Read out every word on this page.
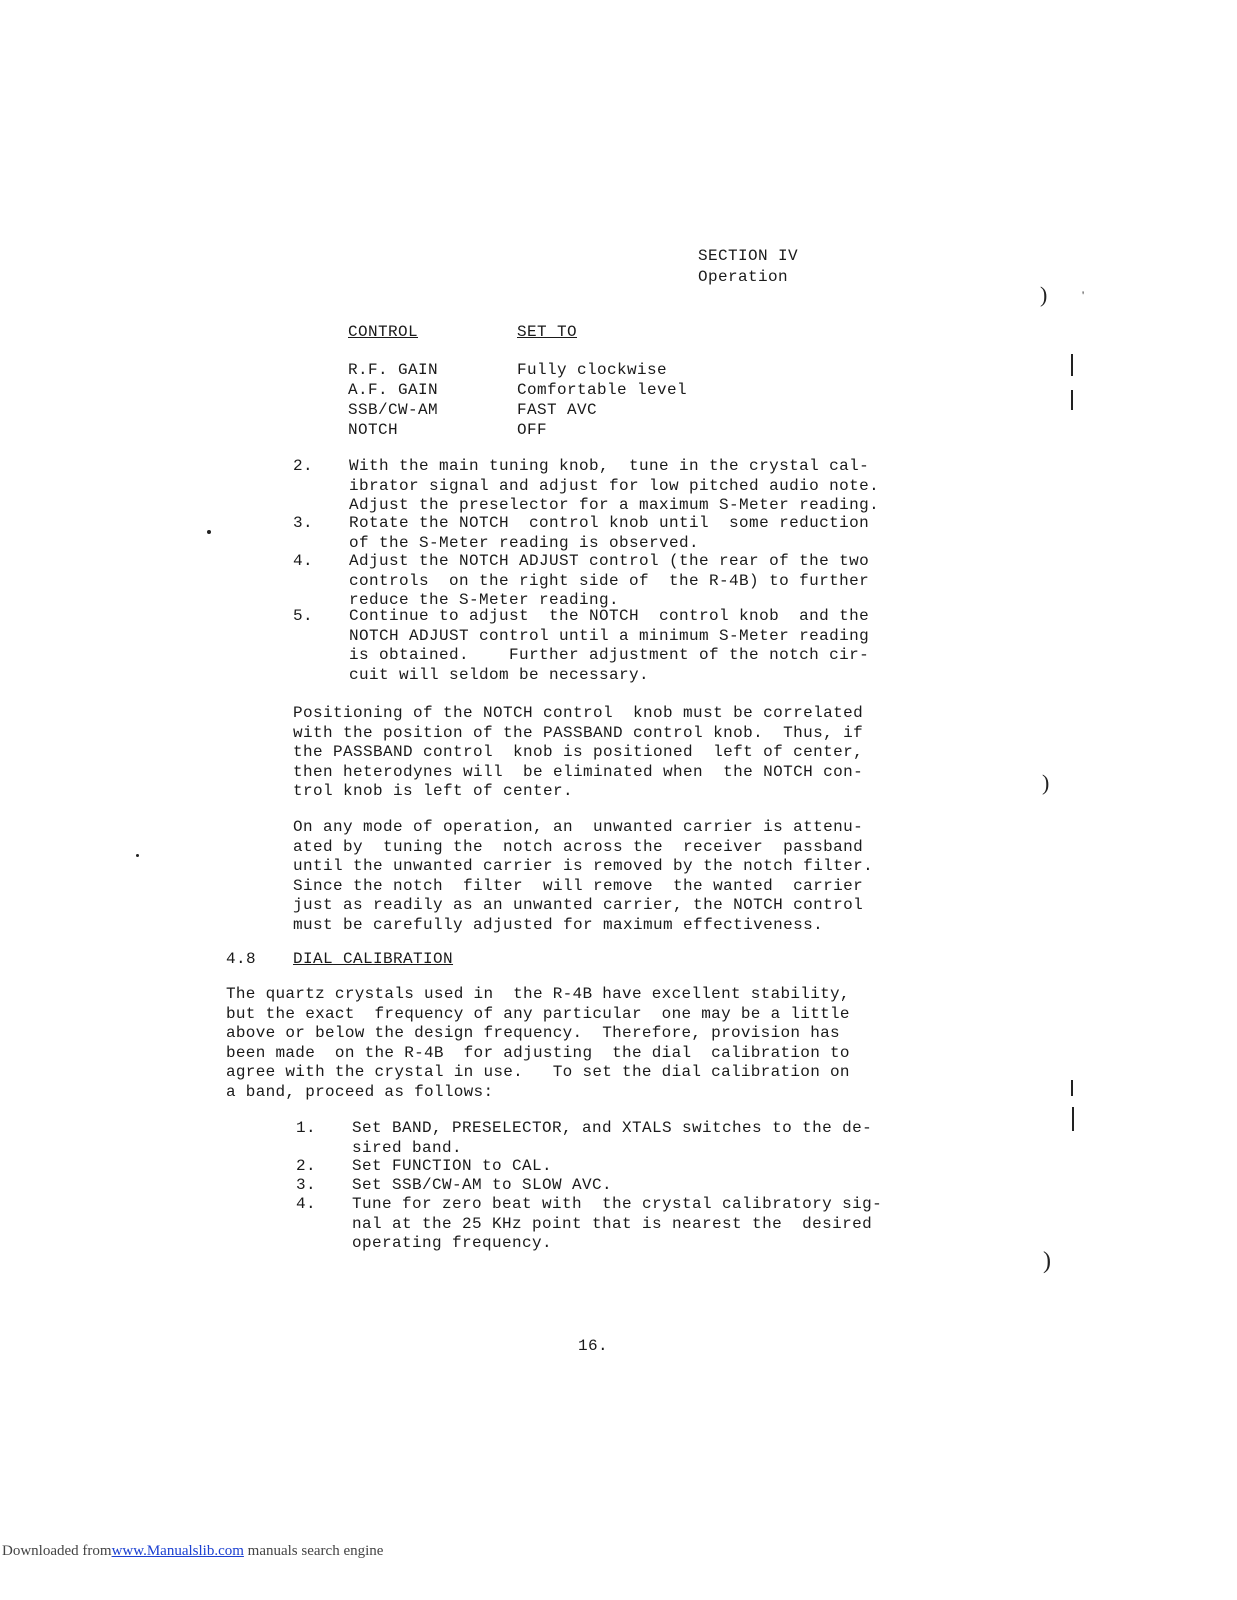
SECTION IV
Operation
CONTROL	SET TO
R.F. GAIN	Fully clockwise
A.F. GAIN	Comfortable level
SSB/CW-AM	FAST AVC
NOTCH	OFF
2. With the main tuning knob,  tune in the crystal cal-
ibrator signal and adjust for low pitched audio note.
Adjust the preselector for a maximum S-Meter reading.
3. Rotate the NOTCH  control knob until  some reduction
of the S-Meter reading is observed.
4. Adjust the NOTCH ADJUST control (the rear of the two
controls  on the right side of  the R-4B) to further
reduce the S-Meter reading.
5. Continue to adjust  the NOTCH  control knob  and the
NOTCH ADJUST control until a minimum S-Meter reading
is obtained.    Further adjustment of the notch cir-
cuit will seldom be necessary.
Positioning of the NOTCH control  knob must be correlated
with the position of the PASSBAND control knob.  Thus, if
the PASSBAND control  knob is positioned  left of center,
then heterodynes will  be eliminated when  the NOTCH con-
trol knob is left of center.
On any mode of operation, an  unwanted carrier is attenu-
ated by  tuning the  notch across the  receiver  passband
until the unwanted carrier is removed by the notch filter.
Since the notch  filter  will remove  the wanted  carrier
just as readily as an unwanted carrier, the NOTCH control
must be carefully adjusted for maximum effectiveness.
4.8 DIAL CALIBRATION
The quartz crystals used in  the R-4B have excellent stability,
but the exact  frequency of any particular  one may be a little
above or below the design frequency.  Therefore, provision has
been made  on the R-4B  for adjusting  the dial  calibration to
agree with the crystal in use.   To set the dial calibration on
a band, proceed as follows:
1. Set BAND, PRESELECTOR, and XTALS switches to the de-
sired band.
2. Set FUNCTION to CAL.
3. Set SSB/CW-AM to SLOW AVC.
4. Tune for zero beat with  the crystal calibratory sig-
nal at the 25 KHz point that is nearest the  desired
operating frequency.
16.
)	'
)
)
Downloaded fromwww.Manualslib.com manuals search engine
